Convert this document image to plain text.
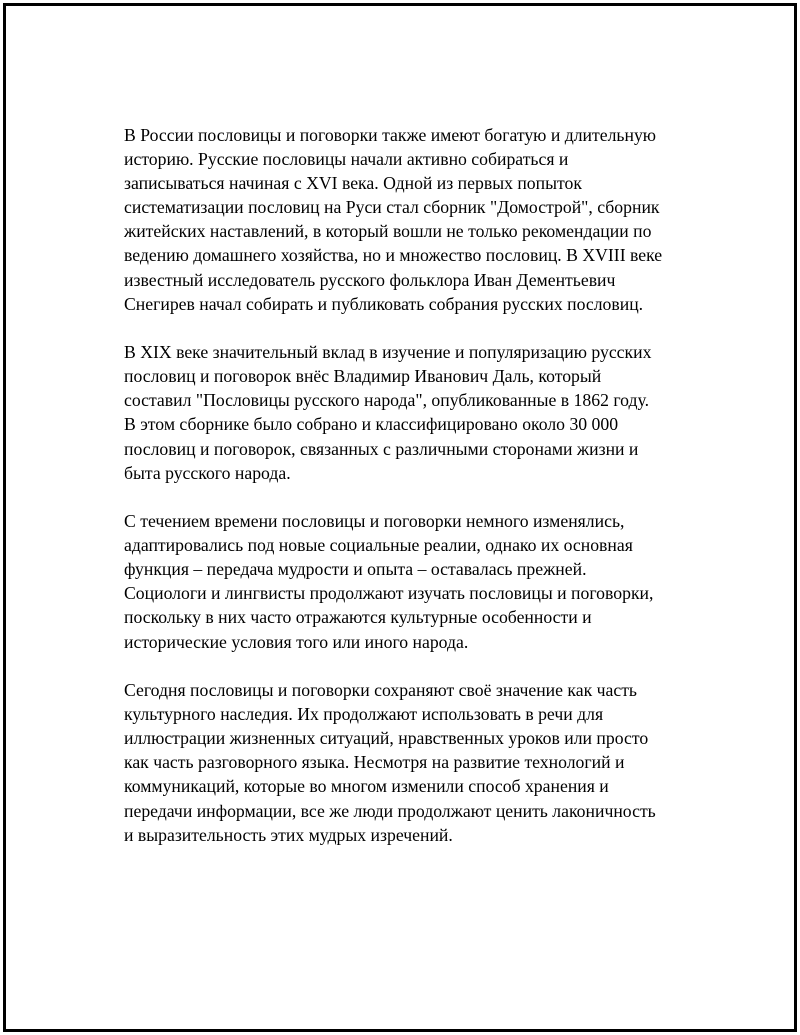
В России пословицы и поговорки также имеют богатую и длительную
историю. Русские пословицы начали активно собираться и
записываться начиная с XVI века. Одной из первых попыток
систематизации пословиц на Руси стал сборник "Домострой", сборник
житейских наставлений, в который вошли не только рекомендации по
ведению домашнего хозяйства, но и множество пословиц. В XVIII веке
известный исследователь русского фольклора Иван Дементьевич
Снегирев начал собирать и публиковать собрания русских пословиц.

В XIX веке значительный вклад в изучение и популяризацию русских
пословиц и поговорок внёс Владимир Иванович Даль, который
составил "Пословицы русского народа", опубликованные в 1862 году.
В этом сборнике было собрано и классифицировано около 30 000
пословиц и поговорок, связанных с различными сторонами жизни и
быта русского народа.

С течением времени пословицы и поговорки немного изменялись,
адаптировались под новые социальные реалии, однако их основная
функция – передача мудрости и опыта – оставалась прежней.
Социологи и лингвисты продолжают изучать пословицы и поговорки,
поскольку в них часто отражаются культурные особенности и
исторические условия того или иного народа.

Сегодня пословицы и поговорки сохраняют своё значение как часть
культурного наследия. Их продолжают использовать в речи для
иллюстрации жизненных ситуаций, нравственных уроков или просто
как часть разговорного языка. Несмотря на развитие технологий и
коммуникаций, которые во многом изменили способ хранения и
передачи информации, все же люди продолжают ценить лаконичность
и выразительность этих мудрых изречений.
